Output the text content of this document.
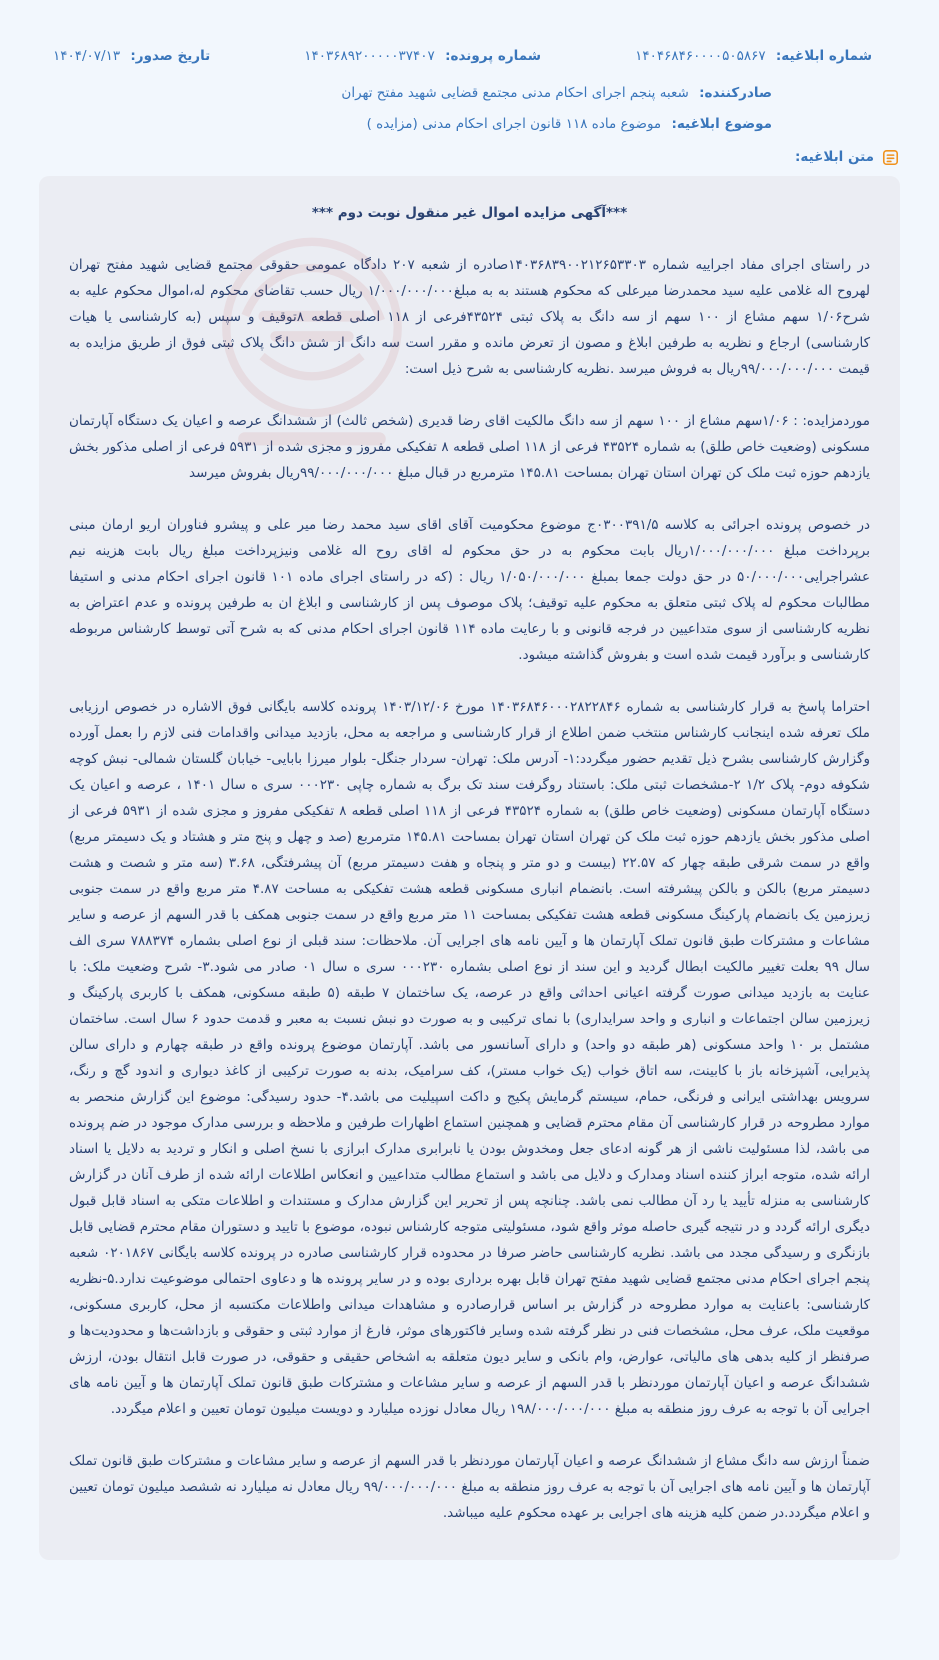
شماره ابلاغیه: ۱۴۰۴۶۸۴۶۰۰۰۰۵۰۵۸۶۷
شماره پرونده: ۱۴۰۳۶۸۹۲۰۰۰۰۰۳۷۴۰۷
تاریخ صدور: ۱۴۰۴/۰۷/۱۳
صادرکننده: شعبه پنجم اجرای احکام مدنی مجتمع قضایی شهید مفتح تهران
موضوع ابلاغیه: موضوع ماده ۱۱۸ قانون اجرای احکام مدنی (مزایده )
متن ابلاغیه:

***آگهی مزایده اموال غیر منقول نوبت دوم ***

در راستای اجرای مفاد اجراییه شماره ۱۴۰۳۶۸۳۹۰۰۲۱۲۶۵۳۳۰۳صادره از شعبه ۲۰۷ دادگاه عمومی حقوقی مجتمع قضایی شهید مفتح تهران لهروح اله غلامی علیه سید محمدرضا میرعلی که محکوم هستند به به مبلغ۱/۰۰۰/۰۰۰/۰۰۰ ریال حسب تقاضای محکوم له،اموال محکوم علیه به شرح۱/۰۶ سهم مشاع از ۱۰۰ سهم از سه دانگ به پلاک ثبتی ۴۳۵۲۴فرعی از ۱۱۸ اصلی قطعه ۸توقیف و سپس (به کارشناسی یا هیات کارشناسی) ارجاع و نظریه به طرفین ابلاغ و مصون از تعرض مانده و مقرر است سه دانگ از شش دانگ پلاک ثبتی فوق از طریق مزایده به قیمت ۹۹/۰۰۰/۰۰۰/۰۰۰ریال به فروش میرسد .نظریه کارشناسی به شرح ذیل است:

موردمزایده: : ۱/۰۶سهم مشاع از ۱۰۰ سهم از سه دانگ مالکیت اقای رضا قدیری (شخص ثالث) از ششدانگ عرصه و اعیان یک دستگاه آپارتمان مسکونی (وضعیت خاص طلق) به شماره ۴۳۵۲۴ فرعی از ۱۱۸ اصلی قطعه ۸ تفکیکی مفروز و مجزی شده از ۵۹۳۱ فرعی از اصلی مذکور بخش یازدهم حوزه ثبت ملک کن تهران استان تهران بمساحت ۱۴۵.۸۱ مترمربع در قبال مبلغ ۹۹/۰۰۰/۰۰۰/۰۰۰ریال بفروش میرسد

در خصوص پرونده اجرائی به کلاسه ۰۳۰۰۳۹۱/۵ج موضوع محکومیت آقای اقای سید محمد رضا میر علی و پیشرو فناوران اریو ارمان مبنی برپرداخت مبلغ ۱/۰۰۰/۰۰۰/۰۰۰ریال بابت محکوم به در حق محکوم له اقای روح اله غلامی ونیزپرداخت مبلغ ریال بابت هزینه نیم عشراجرایی۵۰/۰۰۰/۰۰۰ در حق دولت جمعا بمبلغ ۱/۰۵۰/۰۰۰/۰۰۰ ریال : (که در راستای اجرای ماده ۱۰۱ قانون اجرای احکام مدنی و استیفا مطالبات محکوم له پلاک ثبتی متعلق به محکوم علیه توقیف؛ پلاک موصوف پس از کارشناسی و ابلاغ ان به طرفین پرونده و عدم اعتراض به نظریه کارشناسی از سوی متداعیین در فرجه قانونی و با رعایت ماده ۱۱۴ قانون اجرای احکام مدنی که به شرح آتی توسط کارشناس مربوطه کارشناسی و برآورد قیمت شده است و بفروش گذاشته میشود.

احتراما پاسخ به قرار کارشناسی به شماره ۱۴۰۳۶۸۴۶۰۰۰۲۸۲۲۸۴۶ مورخ ۱۴۰۳/۱۲/۰۶ پرونده کلاسه بایگانی فوق الاشاره در خصوص ارزیابی ملک تعرفه شده اینجانب کارشناس منتخب ضمن اطلاع از قرار کارشناسی و مراجعه به محل، بازدید میدانی واقدامات فنی لازم را بعمل آورده وگزارش کارشناسی بشرح ذیل تقدیم حضور میگردد:۱- آدرس ملک: تهران- سردار جنگل- بلوار میرزا بابایی- خیابان گلستان شمالی- نبش کوچه شکوفه دوم- پلاک ۱/۲ ۲-مشخصات ثبتی ملک: باستناد روگرفت سند تک برگ به شماره چاپی ۰۰۰۲۳۰ سری ه سال ۱۴۰۱ ، عرصه و اعیان یک دستگاه آپارتمان مسکونی (وضعیت خاص طلق) به شماره ۴۳۵۲۴ فرعی از ۱۱۸ اصلی قطعه ۸ تفکیکی مفروز و مجزی شده از ۵۹۳۱ فرعی از اصلی مذکور بخش یازدهم حوزه ثبت ملک کن تهران استان تهران بمساحت ۱۴۵.۸۱ مترمربع (صد و چهل و پنج متر و هشتاد و یک دسیمتر مربع) واقع در سمت شرقی طبقه چهار که ۲۲.۵۷ (بیست و دو متر و پنجاه و هفت دسیمتر مربع) آن پیشرفتگی، ۳.۶۸ (سه متر و شصت و هشت دسیمتر مربع) بالکن و بالکن پیشرفته است. بانضمام انباری مسکونی قطعه هشت تفکیکی به مساحت ۴.۸۷ متر مربع واقع در سمت جنوبی زیرزمین یک بانضمام پارکینگ مسکونی قطعه هشت تفکیکی بمساحت ۱۱ متر مربع واقع در سمت جنوبی همکف با قدر السهم از عرصه و سایر مشاعات و مشترکات طبق قانون تملک آپارتمان ها و آیین نامه های اجرایی آن. ملاحظات: سند قبلی از نوع اصلی بشماره ۷۸۸۳۷۴ سری الف سال ۹۹ بعلت تغییر مالکیت ابطال گردید و این سند از نوع اصلی بشماره ۰۰۰۲۳۰ سری ه سال ۰۱ صادر می شود.۳- شرح وضعیت ملک: با عنایت به بازدید میدانی صورت گرفته اعیانی احداثی واقع در عرصه، یک ساختمان ۷ طبقه (۵ طبقه مسکونی، همکف با کاربری پارکینگ و زیرزمین سالن اجتماعات و انباری و واحد سرایداری) با نمای ترکیبی و به صورت دو نبش نسبت به معبر و قدمت حدود ۶ سال است. ساختمان مشتمل بر ۱۰ واحد مسکونی (هر طبقه دو واحد) و دارای آسانسور می باشد. آپارتمان موضوع پرونده واقع در طبقه چهارم و دارای سالن پذیرایی، آشپزخانه باز با کابینت، سه اتاق خواب (یک خواب مستر)، کف سرامیک، بدنه به صورت ترکیبی از کاغذ دیواری و اندود گچ و رنگ، سرویس بهداشتی ایرانی و فرنگی، حمام، سیستم گرمایش پکیج و داکت اسپیلیت می باشد.۴- حدود رسیدگی: موضوع این گزارش منحصر به موارد مطروحه در قرار کارشناسی آن مقام محترم قضایی و همچنین استماع اظهارات طرفین و ملاحظه و بررسی مدارک موجود در ضم پرونده می باشد، لذا مسئولیت ناشی از هر گونه ادعای جعل ومخدوش بودن یا نابرابری مدارک ابرازی با نسخ اصلی و انکار و تردید به دلایل یا اسناد ارائه شده، متوجه ابراز کننده اسناد ومدارک و دلایل می باشد و استماع مطالب متداعیین و انعکاس اطلاعات ارائه شده از طرف آنان در گزارش کارشناسی به منزله تأیید یا رد آن مطالب نمی باشد. چنانچه پس از تحریر این گزارش مدارک و مستندات و اطلاعات متکی به اسناد قابل قبول دیگری ارائه گردد و در نتیجه گیری حاصله موثر واقع شود، مسئولیتی متوجه کارشناس نبوده، موضوع با تایید و دستوران مقام محترم قضایی قابل بازنگری و رسیدگی مجدد می باشد. نظریه کارشناسی حاضر صرفا در محدوده قرار کارشناسی صادره در پرونده کلاسه بایگانی ۰۲۰۱۸۶۷ شعبه پنجم اجرای احکام مدنی مجتمع قضایی شهید مفتح تهران قابل بهره برداری بوده و در سایر پرونده ها و دعاوی احتمالی موضوعیت ندارد.۵-نظریه کارشناسی: باعنایت به موارد مطروحه در گزارش بر اساس قرارصادره و مشاهدات میدانی واطلاعات مکتسبه از محل، کاربری مسکونی، موقعیت ملک، عرف محل، مشخصات فنی در نظر گرفته شده وسایر فاکتورهای موثر، فارغ از موارد ثبتی و حقوقی و بازداشت‌ها و محدودیت‌ها و صرفنظر از کلیه بدهی های مالیاتی، عوارض، وام بانکی و سایر دیون متعلقه به اشخاص حقیقی و حقوقی، در صورت قابل انتقال بودن، ارزش ششدانگ عرصه و اعیان آپارتمان موردنظر با قدر السهم از عرصه و سایر مشاعات و مشترکات طبق قانون تملک آپارتمان ها و آیین نامه های اجرایی آن با توجه به عرف روز منطقه به مبلغ ۱۹۸/۰۰۰/۰۰۰/۰۰۰ ریال معادل نوزده میلیارد و دویست میلیون تومان تعیین و اعلام میگردد.

ضمناً ارزش سه دانگ مشاع از ششدانگ عرصه و اعیان آپارتمان موردنظر با قدر السهم از عرصه و سایر مشاعات و مشترکات طبق قانون تملک آپارتمان ها و آیین نامه های اجرایی آن با توجه به عرف روز منطقه به مبلغ ۹۹/۰۰۰/۰۰۰/۰۰۰ ریال معادل نه میلیارد نه ششصد میلیون تومان تعیین و اعلام میگردد.در ضمن کلیه هزینه های اجرایی بر عهده محکوم علیه میباشد.
